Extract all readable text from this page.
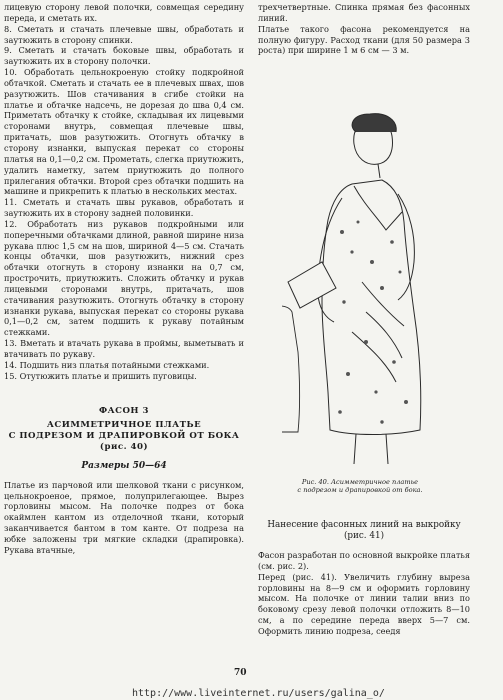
лицевую сторону левой полочки, совмещая середину переда, и сметать их.

8. Сметать и стачать плечевые швы, обработать и заутюжить в сторону спинки.

9. Сметать и стачать боковые швы, обработать и заутюжить их в сторону полочки.

10. Обработать цельнокроеную стойку подкройной обтачкой. Сметать и стачать ее в плечевых швах, шов разутюжить. Шов стачивания в сгибе стойки на платье и обтачке надсечь, не дорезая до шва 0,4 см. Приметать обтачку к стойке, складывая их лицевыми сторонами внутрь, совмещая плечевые швы, притачать, шов разутюжить. Отогнуть обтачку в сторону изнанки, выпуская перекат со стороны платья на 0,1—0,2 см. Прометать, слегка приутюжить, удалить наметку, затем приутюжить до полного прилегания обтачки. Второй срез обтачки подшить на машине и прикрепить к платью в нескольких местах.

11. Сметать и стачать швы рукавов, обработать и заутюжить их в сторону задней половинки.

12. Обработать низ рукавов подкройными или поперечными обтачками длиной, равной ширине низа рукава плюс 1,5 см на шов, шириной 4—5 см. Стачать концы обтачки, шов разутюжить, нижний срез обтачки отогнуть в сторону изнанки на 0,7 см, прострочить, приутюжить. Сложить обтачку и рукав лицевыми сторонами внутрь, притачать, шов стачивания разутюжить. Отогнуть обтачку в сторону изнанки рукава, выпуская перекат со стороны рукава 0,1—0,2 см, затем подшить к рукаву потайным стежками.

13. Вметать и втачать рукава в проймы, выметывать и втачивать по рукаву.

14. Подшить низ платья потайными стежками.

15. Отутюжить платье и пришить пуговицы.

ФАСОН 3

АСИММЕТРИЧНОЕ ПЛАТЬЕ

С ПОДРЕЗОМ И ДРАПИРОВКОЙ ОТ БОКА (рис. 40)

Размеры 50—64

Платье из парчовой или шелковой ткани с рисунком, цельнокроеное, прямое, полуприлегающее. Вырез горловины мысом. На полочке подрез от бока окаймлен кантом из отделочной ткани, который заканчивается бантом в том канте. От подреза на юбке заложены три мягкие складки (драпировка). Рукава втачные,

трехчетвертные. Спинка прямая без фасонных линий.

Платье такого фасона рекомендуется на полную фигуру. Расход ткани (для 50 размера 3 роста) при ширине 1 м 6 см — 3 м.

Рис. 40. Асимметричное платье
с подрезом и драпировкой от бока.

Нанесение фасонных линий на выкройку (рис. 41)

Фасон разработан по основной выкройке платья (см. рис. 2).

Перед (рис. 41). Увеличить глубину выреза горловины на 8—9 см и оформить горловину мысом. На полочке от линии талии вниз по боковому срезу левой полочки отложить 8—10 см, а по середине переда вверх 5—7 см. Оформить линию подреза, сеедя

70
http://www.liveinternet.ru/users/galina_o/
